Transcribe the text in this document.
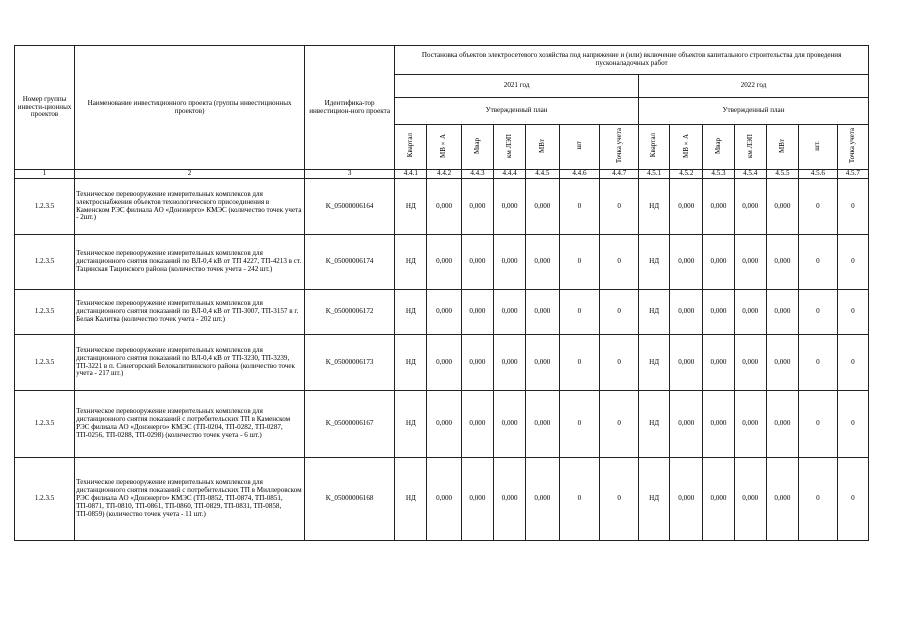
Номер группы инвести-ционных проектов	Наименование инвестиционного проекта (группы инвестиционных проектов)	Идентифика-тор инвестицион-ного проекта	Постановка объектов электросетевого хозяйства под напряжение и (или) включение объектов капитального строительства для проведения пусконаладочных работ													
			2021 год							2022 год						
			Утвержденный план							Утвержденный план						
			Квартал	МВ×А	Мвар	км ЛЭП	МВт	шт	Точка учета	Квартал	МВ×А	Мвар	км ЛЭП	МВт	шт.	Точка учета
1	2	3	4.4.1	4.4.2	4.4.3	4.4.4	4.4.5	4.4.6	4.4.7	4.5.1	4.5.2	4.5.3	4.5.4	4.5.5	4.5.6	4.5.7
1.2.3.5	Техническое перевооружение измерительных комплексов для электроснабжения объектов технологического присоединения в Каменском РЭС филиала АО «Донэнерго» КМЭС (количество точек учета - 2шт.)	K_05000006164	НД	0,000	0,000	0,000	0,000	0	0	НД	0,000	0,000	0,000	0,000	0	0
1.2.3.5	Техническое перевооружение измерительных комплексов для дистанционного снятия показаний по ВЛ-0,4 кВ от ТП 4227, ТП-4213 в ст. Тацинская Тацинского района (количество точек учета - 242 шт.)	K_05000006174	НД	0,000	0,000	0,000	0,000	0	0	НД	0,000	0,000	0,000	0,000	0	0
1.2.3.5	Техническое перевооружение измерительных комплексов для дистанционного снятия показаний по ВЛ-0,4 кВ от ТП-3007, ТП-3157 в г. Белая Калитва (количество точек учета - 202 шт.)	K_05000006172	НД	0,000	0,000	0,000	0,000	0	0	НД	0,000	0,000	0,000	0,000	0	0
1.2.3.5	Техническое перевооружение измерительных комплексов для дистанционного снятия показаний по ВЛ-0,4 кВ от ТП-3230, ТП-3239, ТП-3221 в п. Синегорский Белокалитвинского района (количество точек учета - 217 шт.)	K_05000006173	НД	0,000	0,000	0,000	0,000	0	0	НД	0,000	0,000	0,000	0,000	0	0
1.2.3.5	Техническое перевооружение измерительных комплексов для дистанционного снятия показаний с потребительских ТП в Каменском РЭС филиала АО «Донэнерго» КМЭС (ТП-0204, ТП-0282, ТП-0287, ТП-0256, ТП-0288, ТП-0298) (количество точек учета - 6 шт.)	K_05000006167	НД	0,000	0,000	0,000	0,000	0	0	НД	0,000	0,000	0,000	0,000	0	0
1.2.3.5	Техническое перевооружение измерительных комплексов для дистанционного снятия показаний с потребительских ТП в Миллеровском РЭС филиала АО «Донэнерго» КМЭС (ТП-0852, ТП-0874, ТП-0851, ТП-0871, ТП-0810, ТП-0861, ТП-0860, ТП-0829, ТП-0831, ТП-0858, ТП-0859) (количество точек учета - 11 шт.)	K_05000006168	НД	0,000	0,000	0,000	0,000	0	0	НД	0,000	0,000	0,000	0,000	0	0
